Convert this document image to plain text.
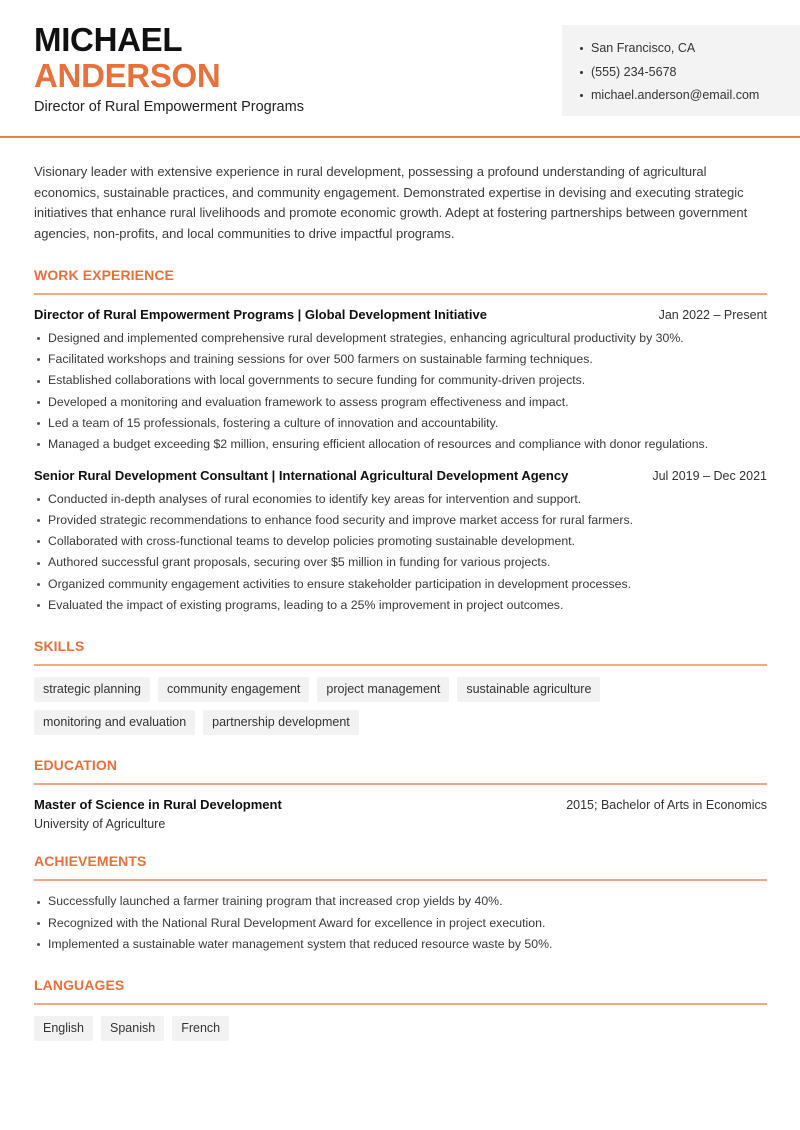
MICHAEL
ANDERSON
Director of Rural Empowerment Programs
San Francisco, CA
(555) 234-5678
michael.anderson@email.com

Visionary leader with extensive experience in rural development, possessing a profound understanding of agricultural economics, sustainable practices, and community engagement. Demonstrated expertise in devising and executing strategic initiatives that enhance rural livelihoods and promote economic growth. Adept at fostering partnerships between government agencies, non-profits, and local communities to drive impactful programs.

WORK EXPERIENCE
Director of Rural Empowerment Programs | Global Development Initiative	Jan 2022 – Present
Designed and implemented comprehensive rural development strategies, enhancing agricultural productivity by 30%.
Facilitated workshops and training sessions for over 500 farmers on sustainable farming techniques.
Established collaborations with local governments to secure funding for community-driven projects.
Developed a monitoring and evaluation framework to assess program effectiveness and impact.
Led a team of 15 professionals, fostering a culture of innovation and accountability.
Managed a budget exceeding $2 million, ensuring efficient allocation of resources and compliance with donor regulations.
Senior Rural Development Consultant | International Agricultural Development Agency	Jul 2019 – Dec 2021
Conducted in-depth analyses of rural economies to identify key areas for intervention and support.
Provided strategic recommendations to enhance food security and improve market access for rural farmers.
Collaborated with cross-functional teams to develop policies promoting sustainable development.
Authored successful grant proposals, securing over $5 million in funding for various projects.
Organized community engagement activities to ensure stakeholder participation in development processes.
Evaluated the impact of existing programs, leading to a 25% improvement in project outcomes.
SKILLS
strategic planning	community engagement	project management	sustainable agriculture
monitoring and evaluation	partnership development
EDUCATION
Master of Science in Rural Development	2015; Bachelor of Arts in Economics
University of Agriculture
ACHIEVEMENTS
Successfully launched a farmer training program that increased crop yields by 40%.
Recognized with the National Rural Development Award for excellence in project execution.
Implemented a sustainable water management system that reduced resource waste by 50%.
LANGUAGES
English	Spanish	French
